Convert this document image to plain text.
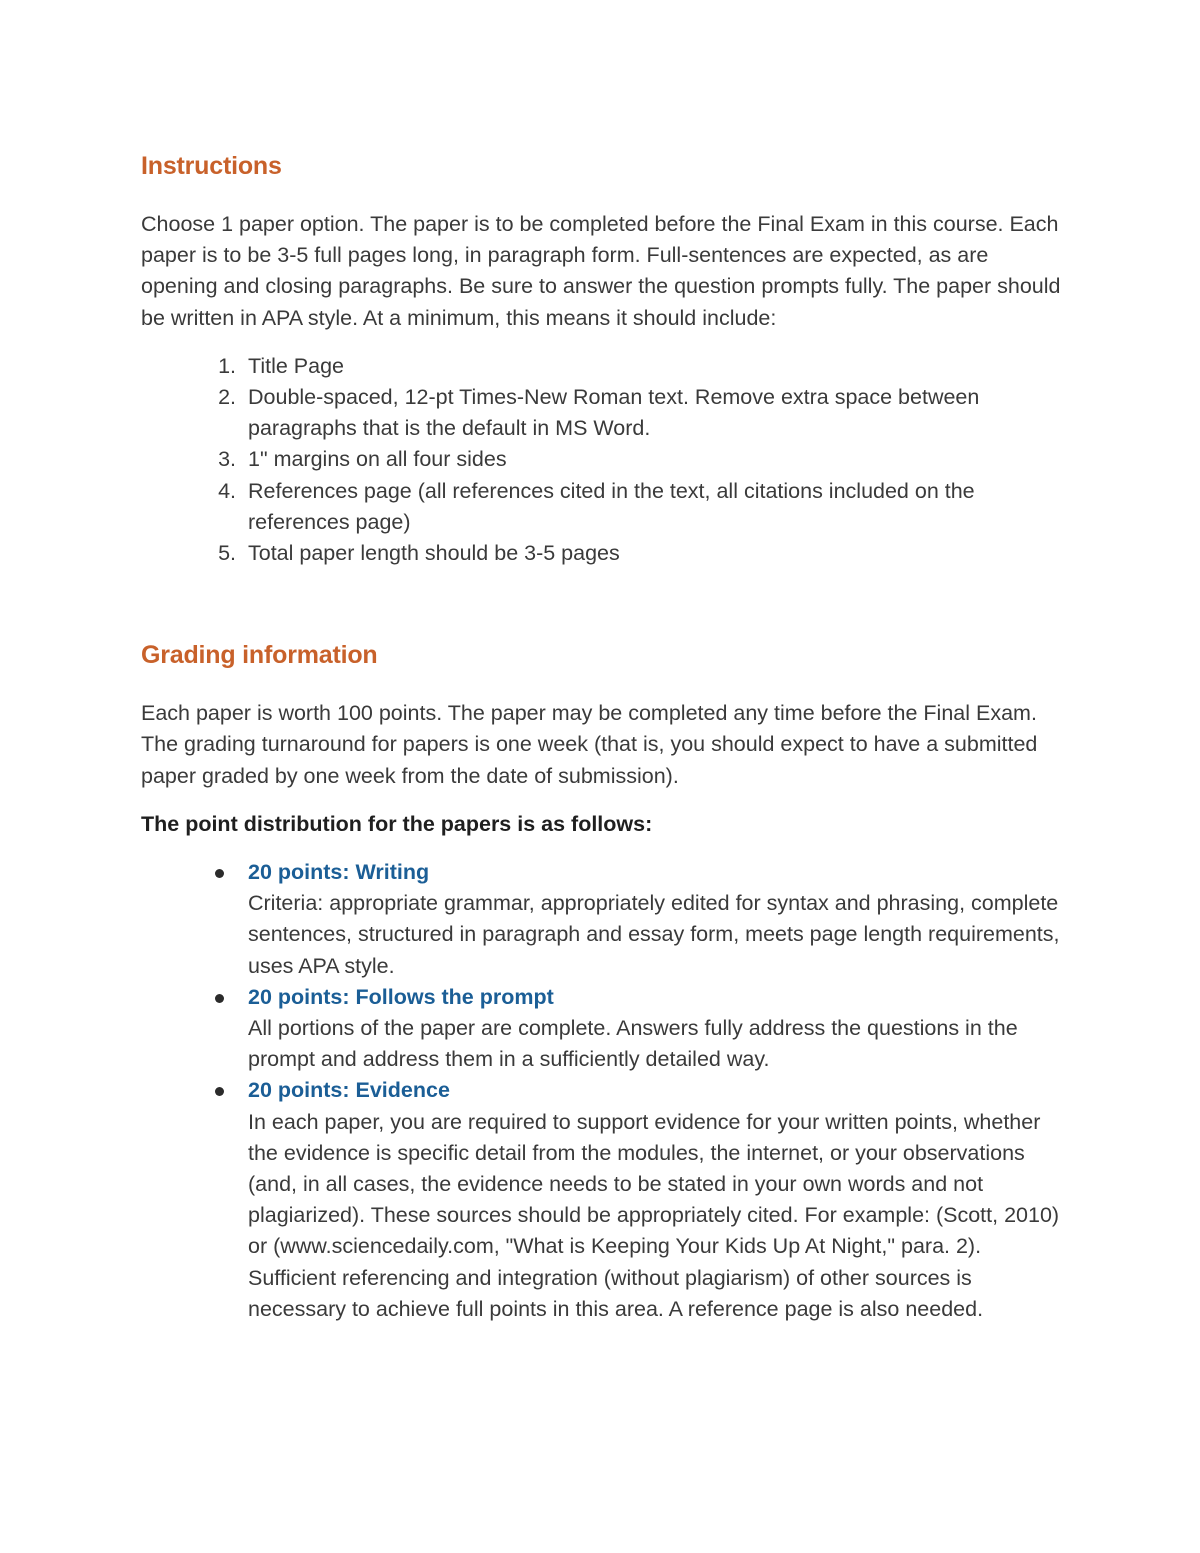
Instructions

Choose 1 paper option. The paper is to be completed before the Final Exam in this course. Each paper is to be 3-5 full pages long, in paragraph form. Full-sentences are expected, as are opening and closing paragraphs. Be sure to answer the question prompts fully. The paper should be written in APA style. At a minimum, this means it should include:

1. Title Page
2. Double-spaced, 12-pt Times-New Roman text. Remove extra space between paragraphs that is the default in MS Word.
3. 1" margins on all four sides
4. References page (all references cited in the text, all citations included on the references page)
5. Total paper length should be 3-5 pages
Grading information

Each paper is worth 100 points. The paper may be completed any time before the Final Exam. The grading turnaround for papers is one week (that is, you should expect to have a submitted paper graded by one week from the date of submission).

The point distribution for the papers is as follows:

20 points: Writing
Criteria: appropriate grammar, appropriately edited for syntax and phrasing, complete sentences, structured in paragraph and essay form, meets page length requirements, uses APA style.
20 points: Follows the prompt
All portions of the paper are complete. Answers fully address the questions in the prompt and address them in a sufficiently detailed way.
20 points: Evidence
In each paper, you are required to support evidence for your written points, whether the evidence is specific detail from the modules, the internet, or your observations (and, in all cases, the evidence needs to be stated in your own words and not plagiarized). These sources should be appropriately cited. For example: (Scott, 2010) or (www.sciencedaily.com, "What is Keeping Your Kids Up At Night," para. 2). Sufficient referencing and integration (without plagiarism) of other sources is necessary to achieve full points in this area. A reference page is also needed.
